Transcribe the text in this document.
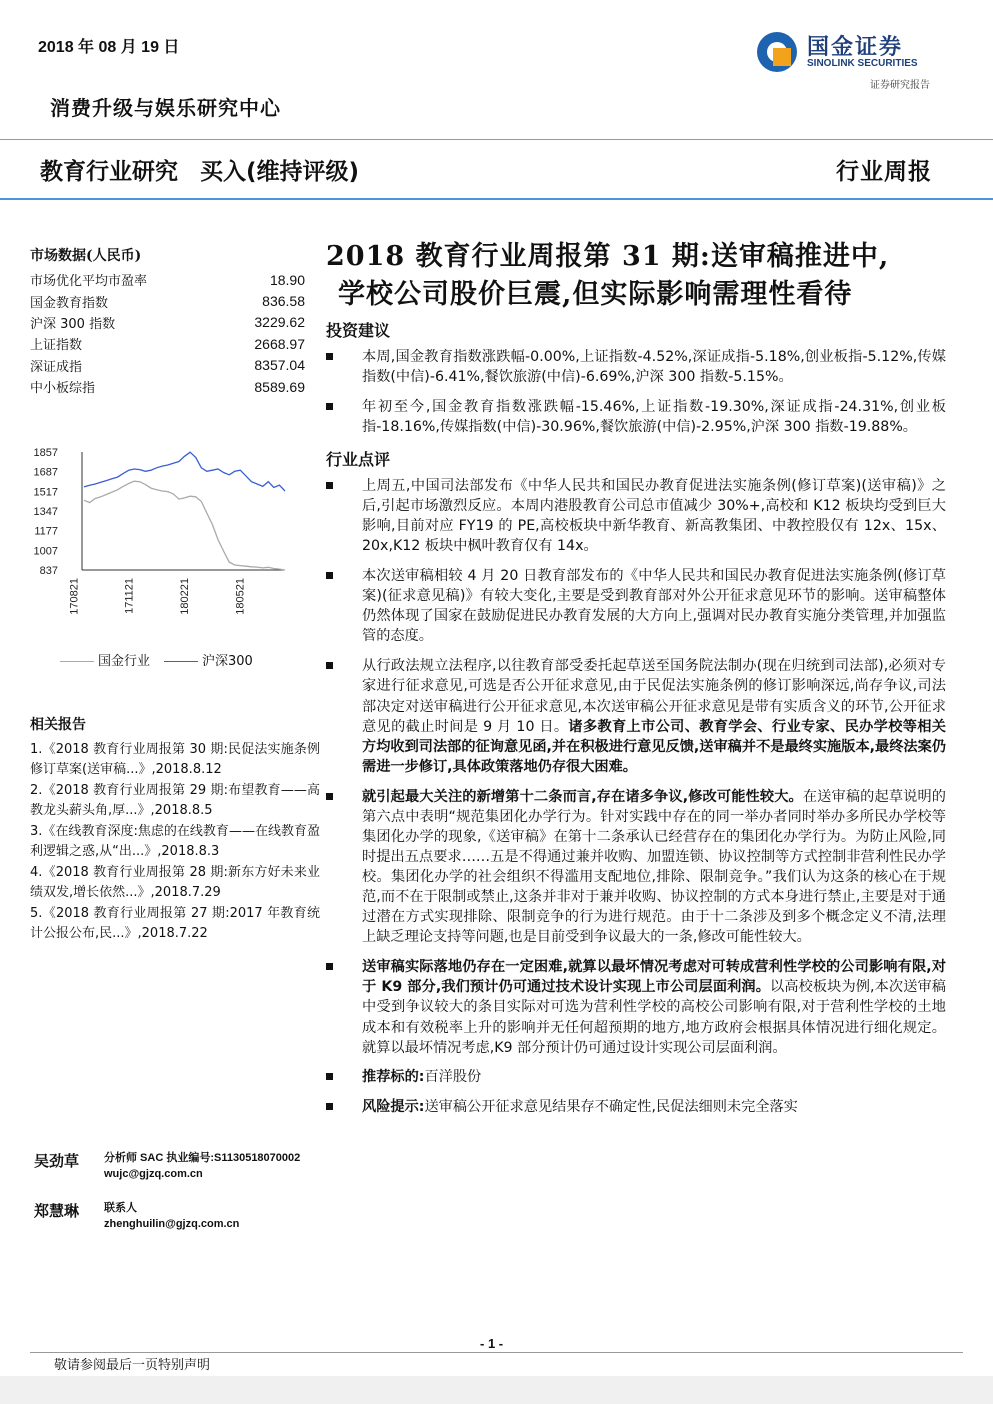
2018 年 08 月 19 日
消费升级与娱乐研究中心
国金证券
SINOLINK SECURITIES
证券研究报告
教育行业研究 买入(维持评级)	行业周报
市场数据(人民币)
市场优化平均市盈率	18.90
国金教育指数	836.58
沪深 300 指数	3229.62
上证指数	2668.97
深证成指	8357.04
中小板综指	8589.69
1857
1687
1517
1347
1177
1007
837
170821	171121	180221	180521
国金行业	沪深300
相关报告
1.《2018 教育行业周报第 30 期:民促法实施条例修订草案(送审稿...》,2018.8.12
2.《2018 教育行业周报第 29 期:布望教育——高教龙头薪头角,厚...》,2018.8.5
3.《在线教育深度:焦虑的在线教育——在线教育盈利逻辑之惑,从“出...》,2018.8.3
4.《2018 教育行业周报第 28 期:新东方好未来业绩双发,增长依然...》,2018.7.29
5.《2018 教育行业周报第 27 期:2017 年教育统计公报公布,民...》,2018.7.22
吴劲草	分析师 SAC 执业编号:S1130518070002
wujc@gjzq.com.cn
郑慧琳	联系人
zhenghuilin@gjzq.com.cn
2018 教育行业周报第 31 期:送审稿推进中,
学校公司股价巨震,但实际影响需理性看待
投资建议
本周,国金教育指数涨跌幅-0.00%,上证指数-4.52%,深证成指-5.18%,创业板指-5.12%,传媒指数(中信)-6.41%,餐饮旅游(中信)-6.69%,沪深 300 指数-5.15%。
年初至今,国金教育指数涨跌幅-15.46%,上证指数-19.30%,深证成指-24.31%,创业板指-18.16%,传媒指数(中信)-30.96%,餐饮旅游(中信)-2.95%,沪深 300 指数-19.88%。
行业点评
上周五,中国司法部发布《中华人民共和国民办教育促进法实施条例(修订草案)(送审稿)》之后,引起市场激烈反应。本周内港股教育公司总市值减少 30%+,高校和 K12 板块均受到巨大影响,目前对应 FY19 的 PE,高校板块中新华教育、新高教集团、中教控股仅有 12x、15x、20x,K12 板块中枫叶教育仅有 14x。
本次送审稿相较 4 月 20 日教育部发布的《中华人民共和国民办教育促进法实施条例(修订草案)(征求意见稿)》有较大变化,主要是受到教育部对外公开征求意见环节的影响。送审稿整体仍然体现了国家在鼓励促进民办教育发展的大方向上,强调对民办教育实施分类管理,并加强监管的态度。
从行政法规立法程序,以往教育部受委托起草送至国务院法制办(现在归统到司法部),必须对专家进行征求意见,可选是否公开征求意见,由于民促法实施条例的修订影响深远,尚存争议,司法部决定对送审稿进行公开征求意见,本次送审稿公开征求意见是带有实质含义的环节,公开征求意见的截止时间是 9 月 10 日。诸多教育上市公司、教育学会、行业专家、民办学校等相关方均收到司法部的征询意见函,并在积极进行意见反馈,送审稿并不是最终实施版本,最终法案仍需进一步修订,具体政策落地仍存很大困难。
就引起最大关注的新增第十二条而言,存在诸多争议,修改可能性较大。在送审稿的起草说明的第六点中表明“规范集团化办学行为。针对实践中存在的同一举办者同时举办多所民办学校等集团化办学的现象,《送审稿》在第十二条承认已经营存在的集团化办学行为。为防止风险,同时提出五点要求……五是不得通过兼并收购、加盟连锁、协议控制等方式控制非营利性民办学校。集团化办学的社会组织不得滥用支配地位,排除、限制竞争。”我们认为这条的核心在于规范,而不在于限制或禁止,这条并非对于兼并收购、协议控制的方式本身进行禁止,主要是对于通过潜在方式实现排除、限制竞争的行为进行规范。由于十二条涉及到多个概念定义不清,法理上缺乏理论支持等问题,也是目前受到争议最大的一条,修改可能性较大。
送审稿实际落地仍存在一定困难,就算以最坏情况考虑对可转成营利性学校的公司影响有限,对于 K9 部分,我们预计仍可通过技术设计实现上市公司层面利润。以高校板块为例,本次送审稿中受到争议较大的条目实际对可选为营利性学校的高校公司影响有限,对于营利性学校的土地成本和有效税率上升的影响并无任何超预期的地方,地方政府会根据具体情况进行细化规定。就算以最坏情况考虑,K9 部分预计仍可通过设计实现公司层面利润。
推荐标的:百洋股份
风险提示:送审稿公开征求意见结果存不确定性,民促法细则未完全落实
- 1 -
敬请参阅最后一页特别声明
